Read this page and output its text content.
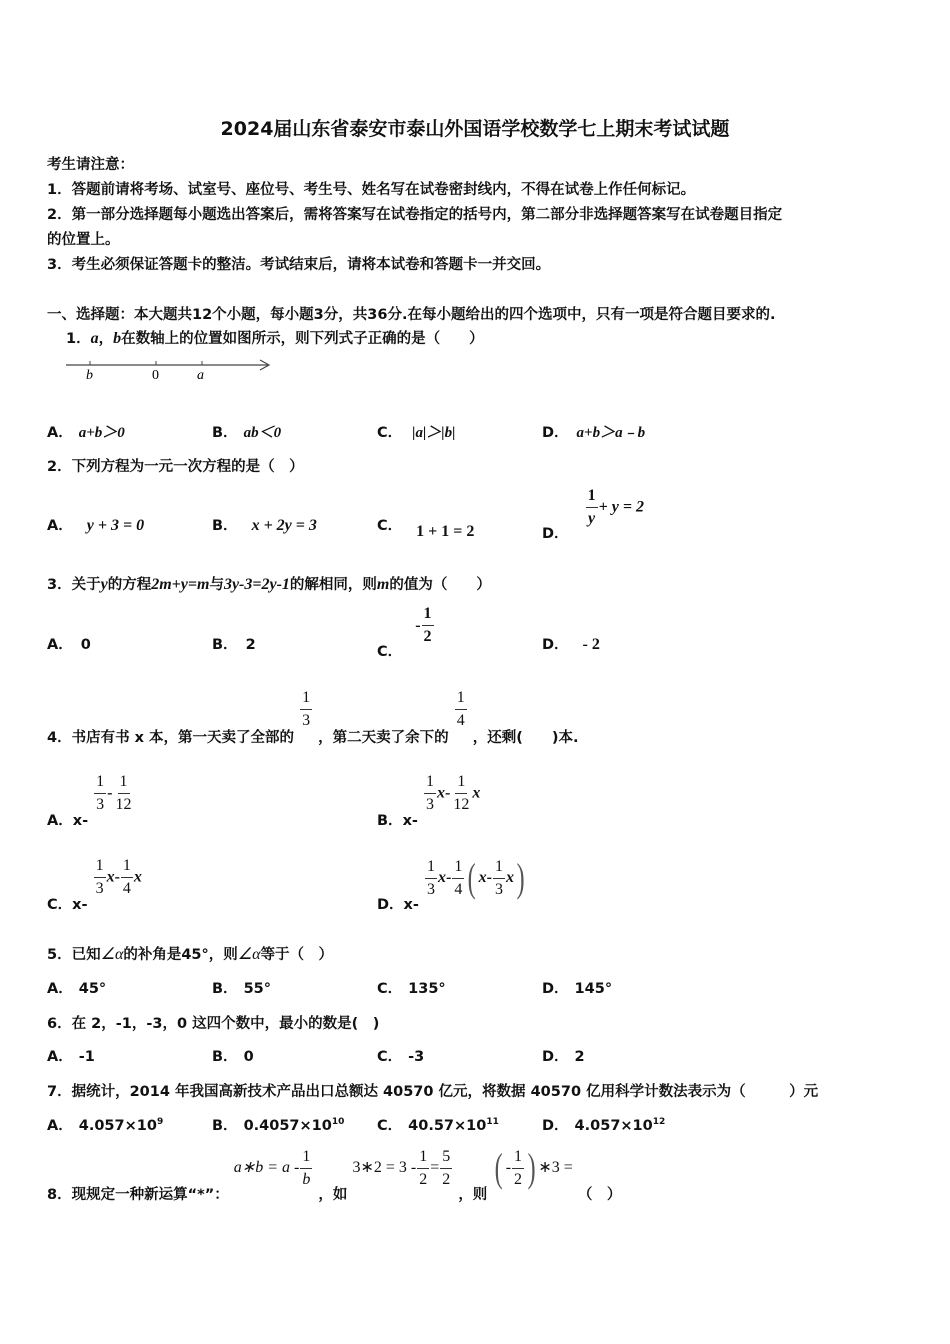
2024届山东省泰安市泰山外国语学校数学七上期末考试试题
考生请注意：
1．答题前请将考场、试室号、座位号、考生号、姓名写在试卷密封线内，不得在试卷上作任何标记。
2．第一部分选择题每小题选出答案后，需将答案写在试卷指定的括号内，第二部分非选择题答案写在试卷题目指定
的位置上。
3．考生必须保证答题卡的整洁。考试结束后，请将本试卷和答题卡一并交回。
一、选择题：本大题共12个小题，每小题3分，共36分.在每小题给出的四个选项中，只有一项是符合题目要求的.
1．a，b在数轴上的位置如图所示，则下列式子正确的是（　　）
b	0	a
A． a+b＞0	B． ab＜0	C． |a|＞|b|	D． a+b＞a﹣b
2．下列方程为一元一次方程的是（　）
A． y + 3 = 0	B． x + 2y = 3	C． 1 + 1 = 2	D．
$\frac{1}{y} + y = 2$
3．关于y的方程2m+y=m与3y-3=2y-1的解相同，则m的值为（　　）
A． 0	B． 2	C． - $\frac{1}{2}$	D． - 2
4．书店有书 x 本，第一天卖了全部的
$\frac{1}{3}$
，第二天卖了余下的
$\frac{1}{4}$
，还剩(　　)本.
A．x-
$\frac{1}{3} - \frac{1}{12}$
B．x-
$\frac{1}{3} x- \frac{1}{12}$ x
C．x-
$\frac{1}{3} x- \frac{1}{4}$ x
D．x-
$\frac{1}{3} x- \frac{1}{4}$ ( $x- \frac{1}{3} x$)
5．已知∠α的补角是45°，则∠α等于（　）
A． 45°	B． 55°	C． 135°	D． 145°
6．在 2，-1，-3，0 这四个数中，最小的数是(　)
A． -1	B． 0	C． -3	D． 2
7．据统计，2014 年我国高新技术产品出口总额达 40570 亿元，将数据 40570 亿用科学计数法表示为（　　　）元
A． $4.057\times 10^9$	B． $0.4057\times 10^{10}$ C． $40.57\times 10^{11}$	D． $4.057\times 10^{12}$
8．现规定一种新运算“*”： a∗b = a - $\frac{1}{b}$
，如 3∗2 = $3 - \frac{1}{2} = \frac{5}{2}$
，则 ( - $\frac{1}{2}$ ) ∗3 = （　）
